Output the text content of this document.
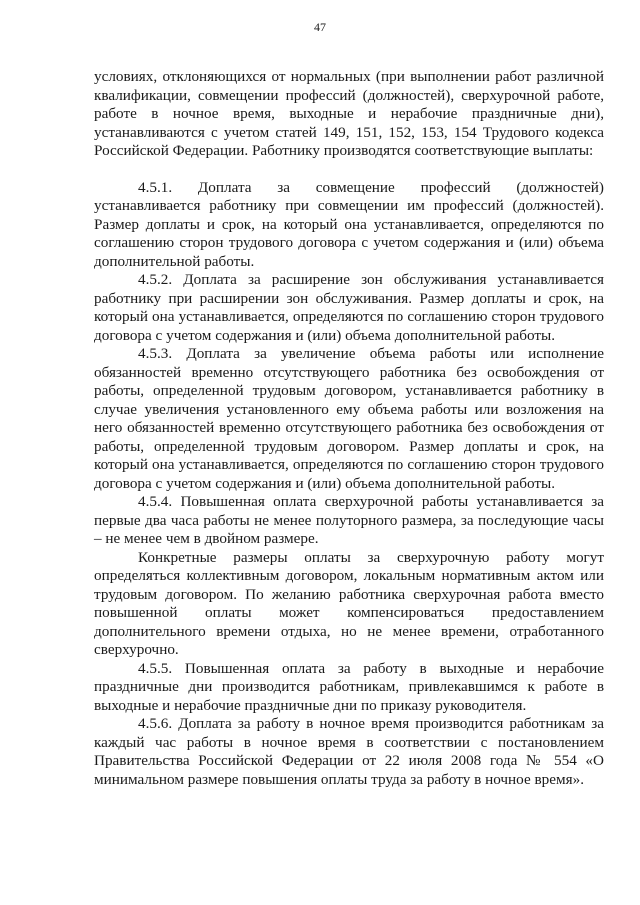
47

условиях, отклоняющихся от нормальных (при выполнении работ различной квалификации, совмещении профессий (должностей), сверхурочной работе, работе в ночное время, выходные и нерабочие праздничные дни), устанавливаются с учетом статей 149, 151, 152, 153, 154 Трудового кодекса Российской Федерации. Работнику производятся соответствующие выплаты:

4.5.1. Доплата за совмещение профессий (должностей) устанавливается работнику при совмещении им профессий (должностей). Размер доплаты и срок, на который она устанавливается, определяются по соглашению сторон трудового договора с учетом содержания и (или) объема дополнительной работы.

4.5.2. Доплата за расширение зон обслуживания устанавливается работнику при расширении зон обслуживания. Размер доплаты и срок, на который она устанавливается, определяются по соглашению сторон трудового договора с учетом содержания и (или) объема дополнительной работы.

4.5.3. Доплата за увеличение объема работы или исполнение обязанностей временно отсутствующего работника без освобождения от работы, определенной трудовым договором, устанавливается работнику в случае увеличения установленного ему объема работы или возложения на него обязанностей временно отсутствующего работника без освобождения от работы, определенной трудовым договором. Размер доплаты и срок, на который она устанавливается, определяются по соглашению сторон трудового договора с учетом содержания и (или) объема дополнительной работы.

4.5.4. Повышенная оплата сверхурочной работы устанавливается за первые два часа работы не менее полуторного размера, за последующие часы – не менее чем в двойном размере.

Конкретные размеры оплаты за сверхурочную работу могут определяться коллективным договором, локальным нормативным актом или трудовым договором. По желанию работника сверхурочная работа вместо повышенной оплаты может компенсироваться предоставлением дополнительного времени отдыха, но не менее времени, отработанного сверхурочно.

4.5.5. Повышенная оплата за работу в выходные и нерабочие праздничные дни производится работникам, привлекавшимся к работе в выходные и нерабочие праздничные дни по приказу руководителя.

4.5.6. Доплата за работу в ночное время производится работникам за каждый час работы в ночное время в соответствии с постановлением Правительства Российской Федерации от 22 июля 2008 года № 554 «О минимальном размере повышения оплаты труда за работу в ночное время».
